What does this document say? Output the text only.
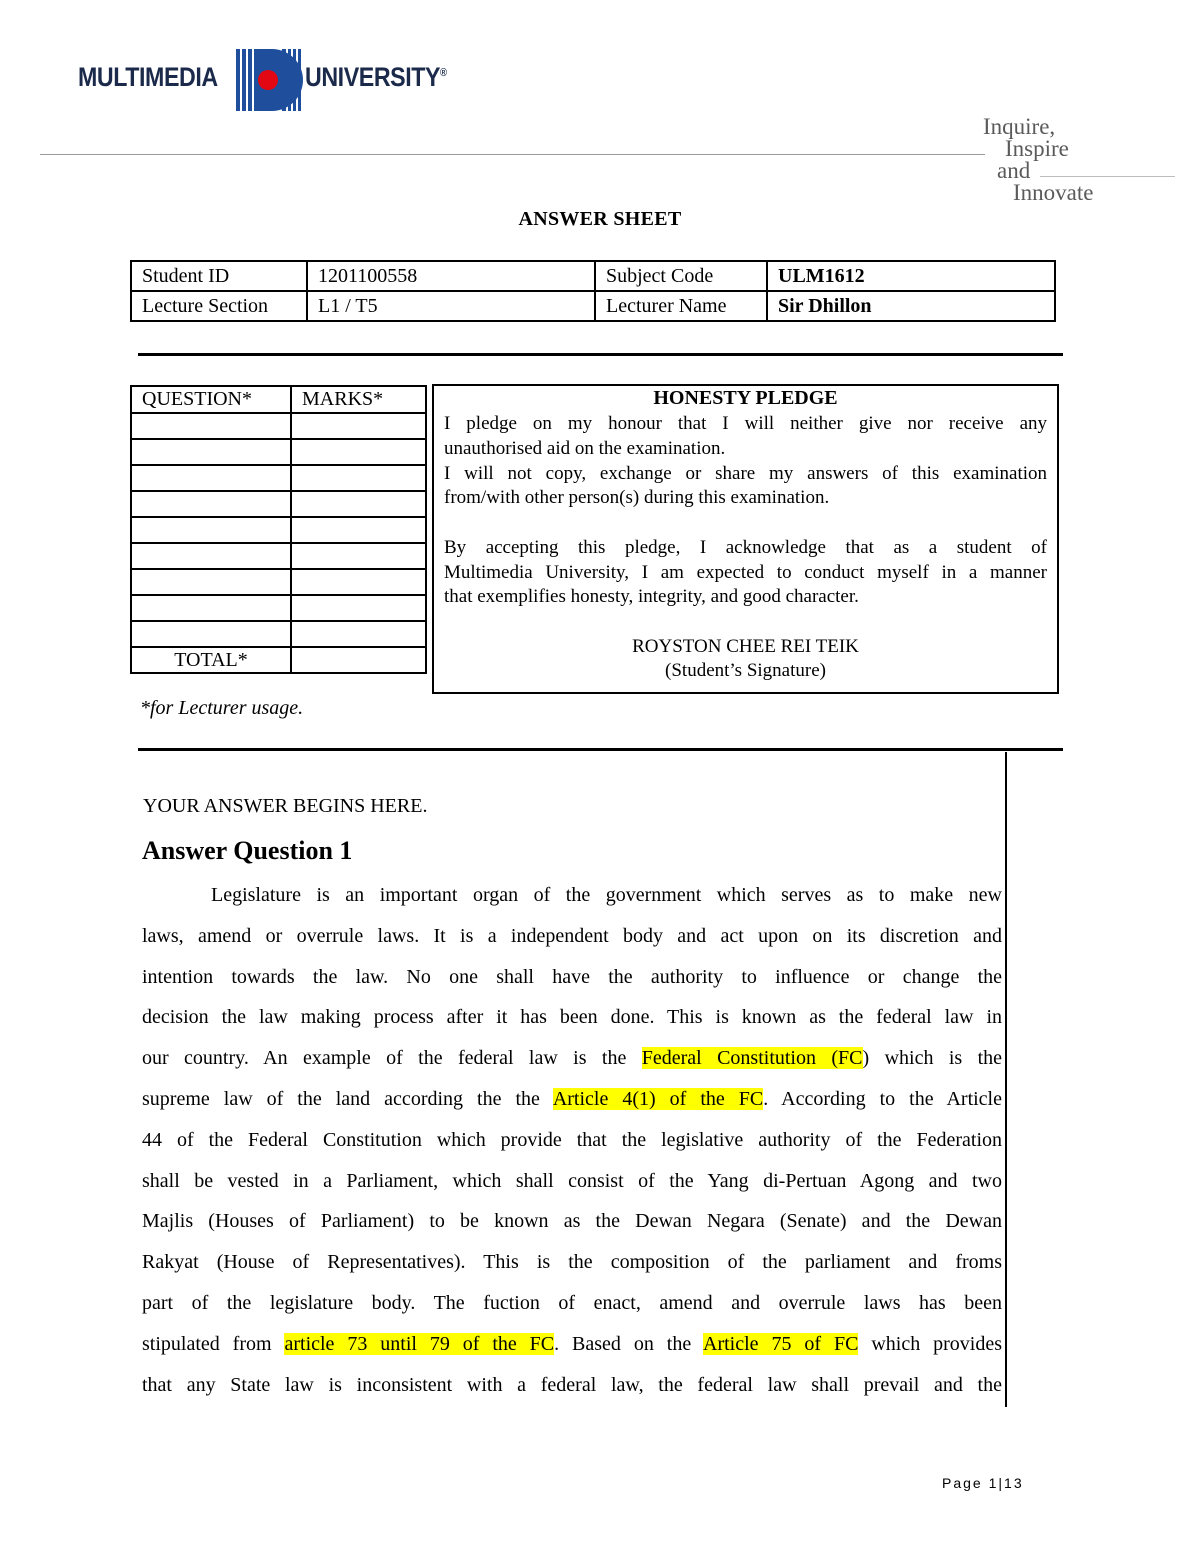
MULTIMEDIA	UNIVERSITY®
Inquire,
Inspire
and
Innovate
ANSWER SHEET
Student ID	1201100558	Subject Code	ULM1612
Lecture Section	L1 / T5	Lecturer Name	Sir Dhillon
QUESTION*	MARKS*

TOTAL*	
*for Lecturer usage.
HONESTY PLEDGE
I pledge on my honour that I will neither give nor receive any
unauthorised aid on the examination.
I will not copy, exchange or share my answers of this examination
from/with other person(s) during this examination.
By accepting this pledge, I acknowledge that as a student of
Multimedia University, I am expected to conduct myself in a manner
that exemplifies honesty, integrity, and good character.
ROYSTON CHEE REI TEIK
(Student’s Signature)
YOUR ANSWER BEGINS HERE.
Answer Question 1
Legislature is an important organ of the government which serves as to make new
laws, amend or overrule laws. It is a independent body and act upon on its discretion and
intention towards the law. No one shall have the authority to influence or change the
decision the law making process after it has been done. This is known as the federal law in
our country. An example of the federal law is the Federal Constitution (FC) which is the
supreme law of the land according the the Article 4(1) of the FC. According to the Article
44 of the Federal Constitution which provide that the legislative authority of the Federation
shall be vested in a Parliament, which shall consist of the Yang di-Pertuan Agong and two
Majlis (Houses of Parliament) to be known as the Dewan Negara (Senate) and the Dewan
Rakyat (House of Representatives). This is the composition of the parliament and froms
part of the legislature body. The fuction of enact, amend and overrule laws has been
stipulated from article 73 until 79 of the FC. Based on the Article 75 of FC which provides
that any State law is inconsistent with a federal law, the federal law shall prevail and the
Page 1|13
